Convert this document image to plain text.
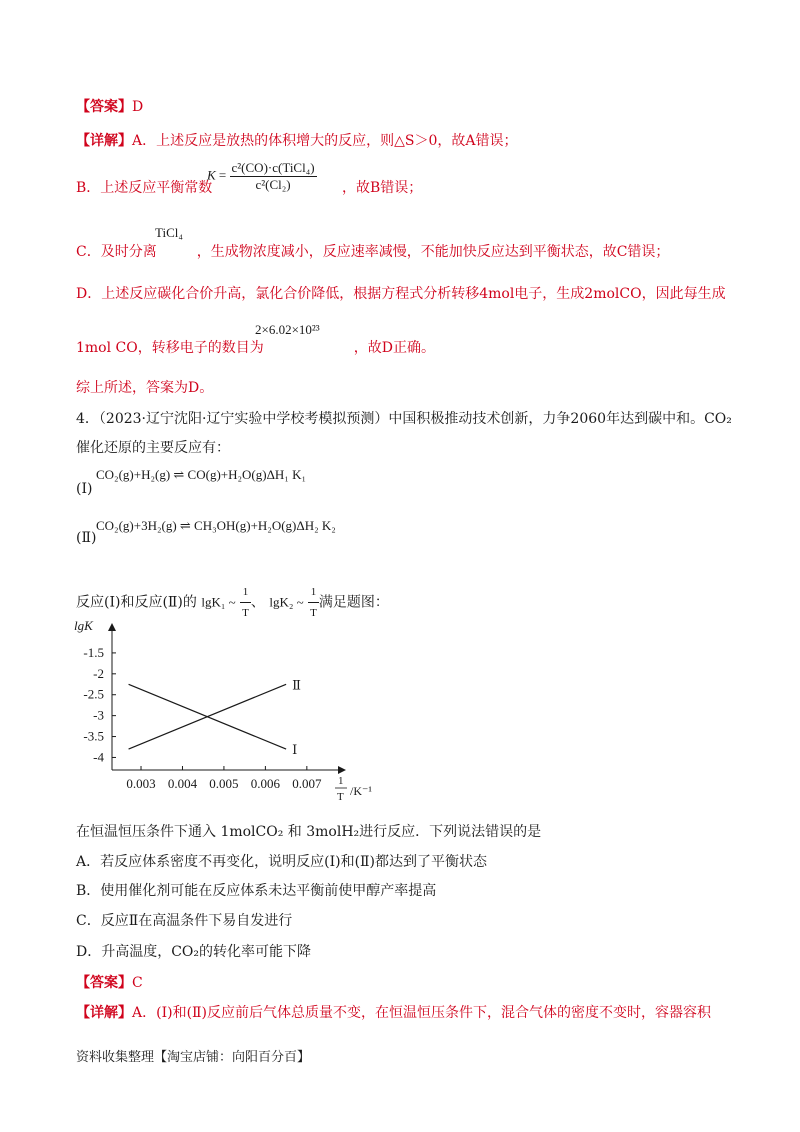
【答案】D
【详解】A．上述反应是放热的体积增大的反应，则△S＞0，故A错误；
B．上述反应平衡常数
$K = \frac{\text{c²(CO)·c(TiCl₄)}}{\text{c²(Cl₂)}}$ ，故B错误；
TiCl₄
C．及时分离	，生成物浓度减小，反应速率减慢，不能加快反应达到平衡状态，故C错误；
D．上述反应碳化合价升高，氯化合价降低，根据方程式分析转移4mol电子，生成2molCO，因此每生成
1mol CO，转移电子的数目为	，故D正确。
2×6.02×10²³
综上所述，答案为D。
4．（2023·辽宁沈阳·辽宁实验中学校考模拟预测）中国积极推动技术创新，力争2060年达到碳中和。CO₂
催化还原的主要反应有：
(Ⅰ)
CO₂(g)+H₂(g) ⇌ CO(g)+H₂O(g)ΔH₁ K₁
(Ⅱ)
CO₂(g)+3H₂(g) ⇌ CH₃OH(g)+H₂O(g)ΔH₂ K₂
反应(Ⅰ)和反应(Ⅱ)的 lgK₁ ~ $\frac{1}{T}$ 、 lgK₂ ~ $\frac{1}{T}$ 满足题图：
-1.5
-2
-2.5
-3
-3.5
-4
0.003 0.004 0.005 0.006 0.007
Ⅰ
Ⅱ
lgK
1
T /K⁻¹
在恒温恒压条件下通入 1molCO₂ 和 3molH₂进行反应．下列说法错误的是
A．若反应体系密度不再变化，说明反应(Ⅰ)和(Ⅱ)都达到了平衡状态
B．使用催化剂可能在反应体系未达平衡前使甲醇产率提高
C．反应Ⅱ在高温条件下易自发进行
D．升高温度，CO₂的转化率可能下降
【答案】C
【详解】A．(Ⅰ)和(Ⅱ)反应前后气体总质量不变，在恒温恒压条件下，混合气体的密度不变时，容器容积
资料收集整理【淘宝店铺：向阳百分百】
